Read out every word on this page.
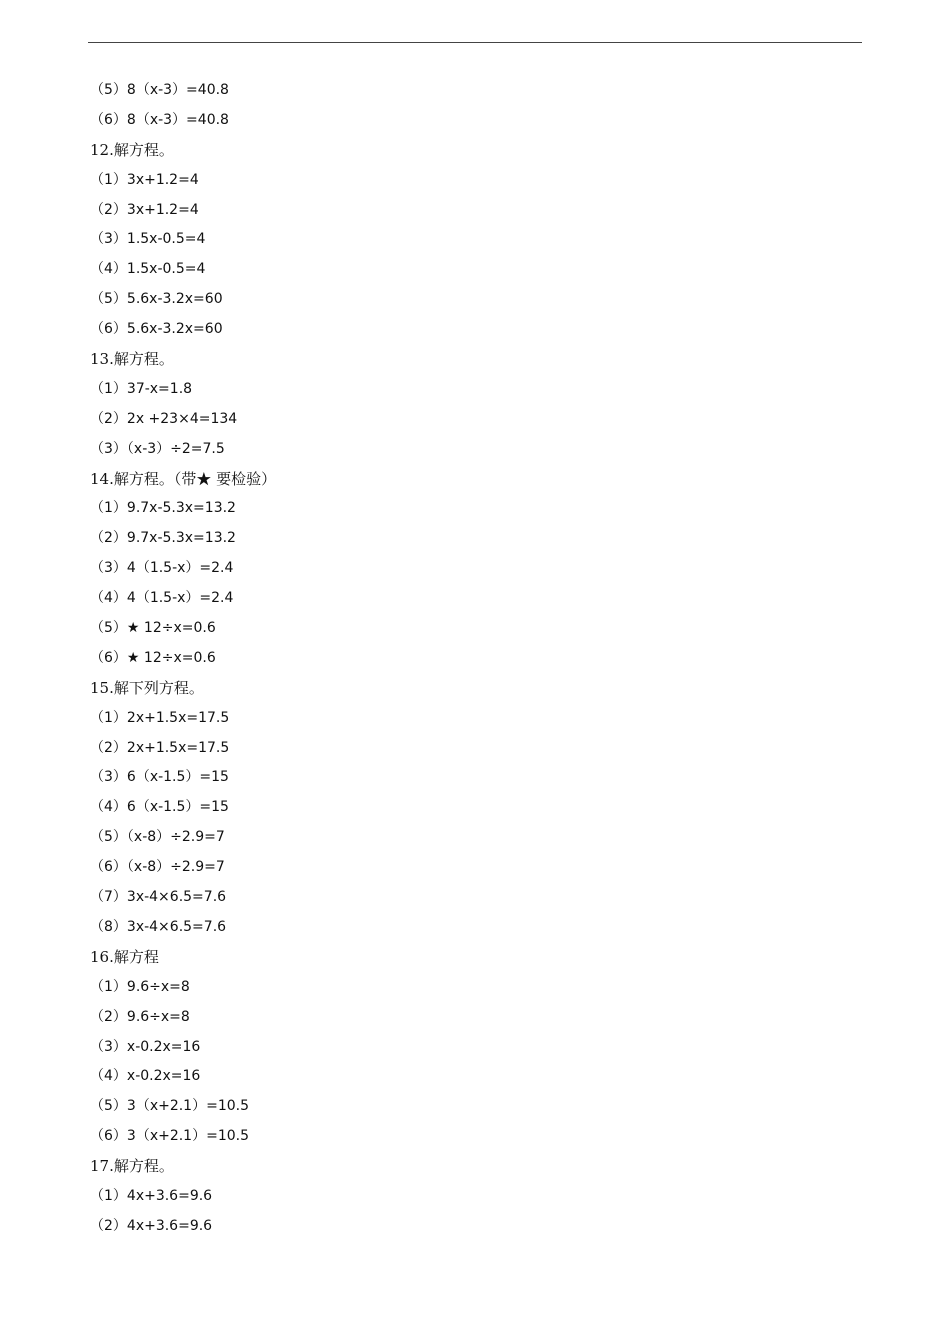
（5）8（x-3）=40.8
（6）8（x-3）=40.8
12.解方程。
（1）3x+1.2=4
（2）3x+1.2=4
（3）1.5x-0.5=4
（4）1.5x-0.5=4
（5）5.6x-3.2x=60
（6）5.6x-3.2x=60
13.解方程。
（1）37-x=1.8
（2）2x +23×4=134
（3）（x-3）÷2=7.5
14.解方程。（带★ 要检验）
（1）9.7x-5.3x=13.2
（2）9.7x-5.3x=13.2
（3）4（1.5-x）=2.4
（4）4（1.5-x）=2.4
（5）★ 12÷x=0.6
（6）★ 12÷x=0.6
15.解下列方程。
（1）2x+1.5x=17.5
（2）2x+1.5x=17.5
（3）6（x-1.5）=15
（4）6（x-1.5）=15
（5）（x-8）÷2.9=7
（6）（x-8）÷2.9=7
（7）3x-4×6.5=7.6
（8）3x-4×6.5=7.6
16.解方程
（1）9.6÷x=8
（2）9.6÷x=8
（3）x-0.2x=16
（4）x-0.2x=16
（5）3（x+2.1）=10.5
（6）3（x+2.1）=10.5
17.解方程。
（1）4x+3.6=9.6
（2）4x+3.6=9.6
